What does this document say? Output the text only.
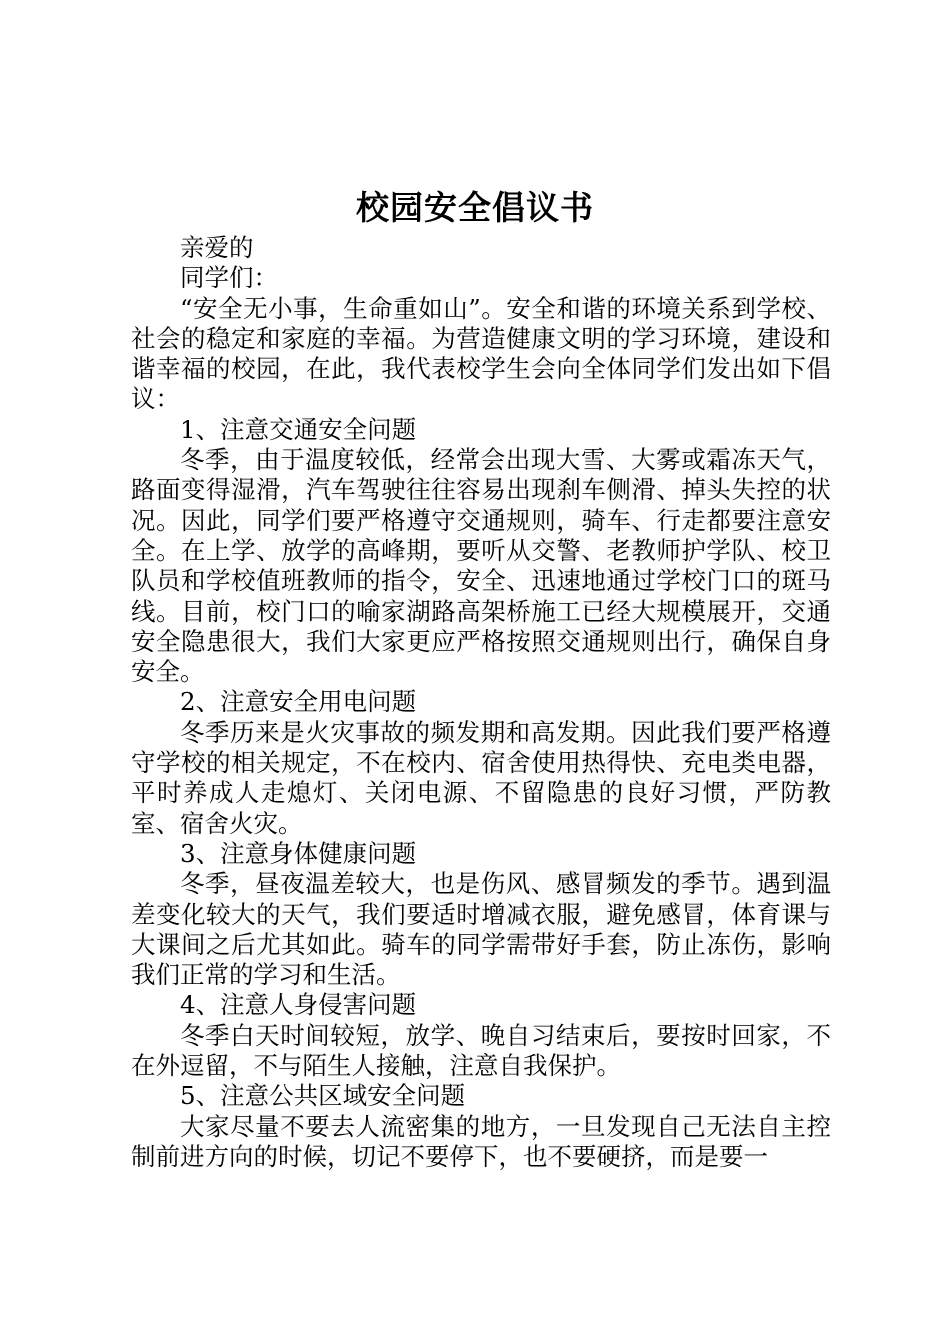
校园安全倡议书
亲爱的
同学们：
“安全无小事，生命重如山”。安全和谐的环境关系到学校、社会的稳定和家庭的幸福。为营造健康文明的学习环境，建设和谐幸福的校园，在此，我代表校学生会向全体同学们发出如下倡议：
1、注意交通安全问题
冬季，由于温度较低，经常会出现大雪、大雾或霜冻天气，路面变得湿滑，汽车驾驶往往容易出现刹车侧滑、掉头失控的状况。因此，同学们要严格遵守交通规则，骑车、行走都要注意安全。在上学、放学的高峰期，要听从交警、老教师护学队、校卫队员和学校值班教师的指令，安全、迅速地通过学校门口的斑马线。目前，校门口的喻家湖路高架桥施工已经大规模展开，交通安全隐患很大，我们大家更应严格按照交通规则出行，确保自身安全。
2、注意安全用电问题
冬季历来是火灾事故的频发期和高发期。因此我们要严格遵守学校的相关规定，不在校内、宿舍使用热得快、充电类电器，平时养成人走熄灯、关闭电源、不留隐患的良好习惯，严防教室、宿舍火灾。
3、注意身体健康问题
冬季，昼夜温差较大，也是伤风、感冒频发的季节。遇到温差变化较大的天气，我们要适时增减衣服，避免感冒，体育课与大课间之后尤其如此。骑车的同学需带好手套，防止冻伤，影响我们正常的学习和生活。
4、注意人身侵害问题
冬季白天时间较短，放学、晚自习结束后，要按时回家，不在外逗留，不与陌生人接触，注意自我保护。
5、注意公共区域安全问题
大家尽量不要去人流密集的地方，一旦发现自己无法自主控制前进方向的时候，切记不要停下，也不要硬挤，而是要一
